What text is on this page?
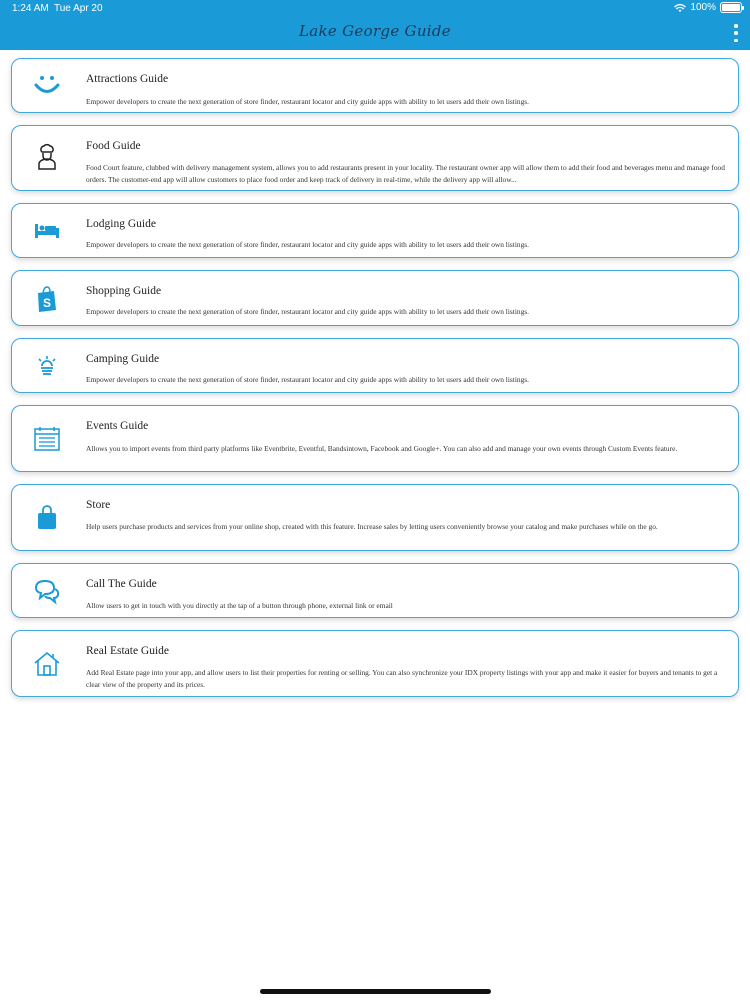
1:24 AM Tue Apr 20	100%
Lake George Guide
Attractions Guide
Empower developers to create the next generation of store finder, restaurant locator and city guide apps with ability to let users add their own listings.
Food Guide
Food Court feature, clubbed with delivery management system, allows you to add restaurants present in your locality. The restaurant owner app will allow them to add their food and beverages menu and manage food orders. The customer-end app will allow customers to place food order and keep track of delivery in real-time, while the delivery app will allow...
Lodging Guide
Empower developers to create the next generation of store finder, restaurant locator and city guide apps with ability to let users add their own listings.
S
Shopping Guide
Empower developers to create the next generation of store finder, restaurant locator and city guide apps with ability to let users add their own listings.
Camping Guide
Empower developers to create the next generation of store finder, restaurant locator and city guide apps with ability to let users add their own listings.
Events Guide
Allows you to import events from third party platforms like Eventbrite, Eventful, Bandsintown, Facebook and Google+. You can also add and manage your own events through Custom Events feature.
Store
Help users purchase products and services from your online shop, created with this feature. Increase sales by letting users conveniently browse your catalog and make purchases while on the go.
Call The Guide
Allow users to get in touch with you directly at the tap of a button through phone, external link or email
Real Estate Guide
Add Real Estate page into your app, and allow users to list their properties for renting or selling. You can also synchronize your IDX property listings with your app and make it easier for buyers and tenants to get a clear view of the property and its prices.
